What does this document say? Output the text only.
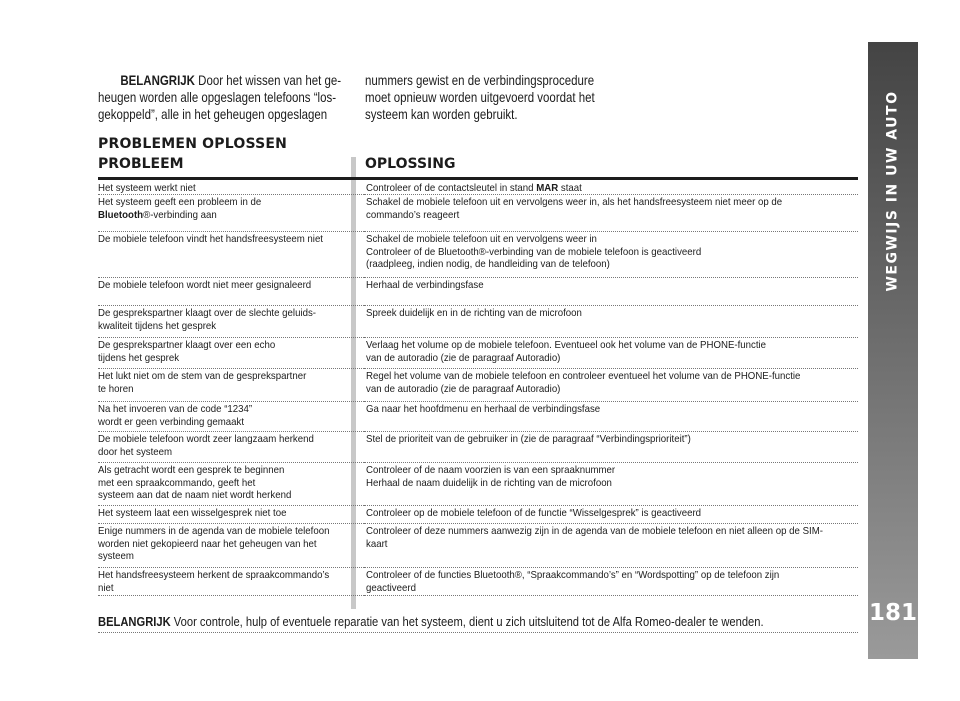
WEGWIJS IN UW AUTO
181
BELANGRIJK Door het wissen van het ge-
heugen worden alle opgeslagen telefoons “los-
gekoppeld”, alle in het geheugen opgeslagen
nummers gewist en de verbindingsprocedure
moet opnieuw worden uitgevoerd voordat het
systeem kan worden gebruikt.
PROBLEMEN OPLOSSEN
PROBLEEM	OPLOSSING
Het systeem werkt niet	Controleer of de contactsleutel in stand MAR staat

Het systeem geeft een probleem in de
Bluetooth®-verbinding aan	Schakel de mobiele telefoon uit en vervolgens weer in, als het handsfreesysteem niet meer op de
commando’s reageert

De mobiele telefoon vindt het handsfreesysteem niet	Schakel de mobiele telefoon uit en vervolgens weer in
Controleer of de Bluetooth®-verbinding van de mobiele telefoon is geactiveerd
(raadpleeg, indien nodig, de handleiding van de telefoon)

De mobiele telefoon wordt niet meer gesignaleerd	Herhaal de verbindingsfase

De gesprekspartner klaagt over de slechte geluids-
kwaliteit tijdens het gesprek	Spreek duidelijk en in de richting van de microfoon

De gesprekspartner klaagt over een echo
tijdens het gesprek	Verlaag het volume op de mobiele telefoon. Eventueel ook het volume van de PHONE-functie
van de autoradio (zie de paragraaf Autoradio)

Het lukt niet om de stem van de gesprekspartner
te horen	Regel het volume van de mobiele telefoon en controleer eventueel het volume van de PHONE-functie
van de autoradio (zie de paragraaf Autoradio)

Na het invoeren van de code “1234”
wordt er geen verbinding gemaakt	Ga naar het hoofdmenu en herhaal de verbindingsfase

De mobiele telefoon wordt zeer langzaam herkend
door het systeem	Stel de prioriteit van de gebruiker in (zie de paragraaf “Verbindingsprioriteit”)

Als getracht wordt een gesprek te beginnen
met een spraakcommando, geeft het
systeem aan dat de naam niet wordt herkend	Controleer of de naam voorzien is van een spraaknummer
Herhaal de naam duidelijk in de richting van de microfoon

Het systeem laat een wisselgesprek niet toe	Controleer op de mobiele telefoon of de functie “Wisselgesprek” is geactiveerd

Enige nummers in de agenda van de mobiele telefoon
worden niet gekopieerd naar het geheugen van het
systeem	Controleer of deze nummers aanwezig zijn in de agenda van de mobiele telefoon en niet alleen op de SIM-
kaart

Het handsfreesysteem herkent de spraakcommando’s
niet	Controleer of de functies Bluetooth®, “Spraakcommando’s” en “Wordspotting” op de telefoon zijn
geactiveerd
BELANGRIJK Voor controle, hulp of eventuele reparatie van het systeem, dient u zich uitsluitend tot de Alfa Romeo-dealer te wenden.
